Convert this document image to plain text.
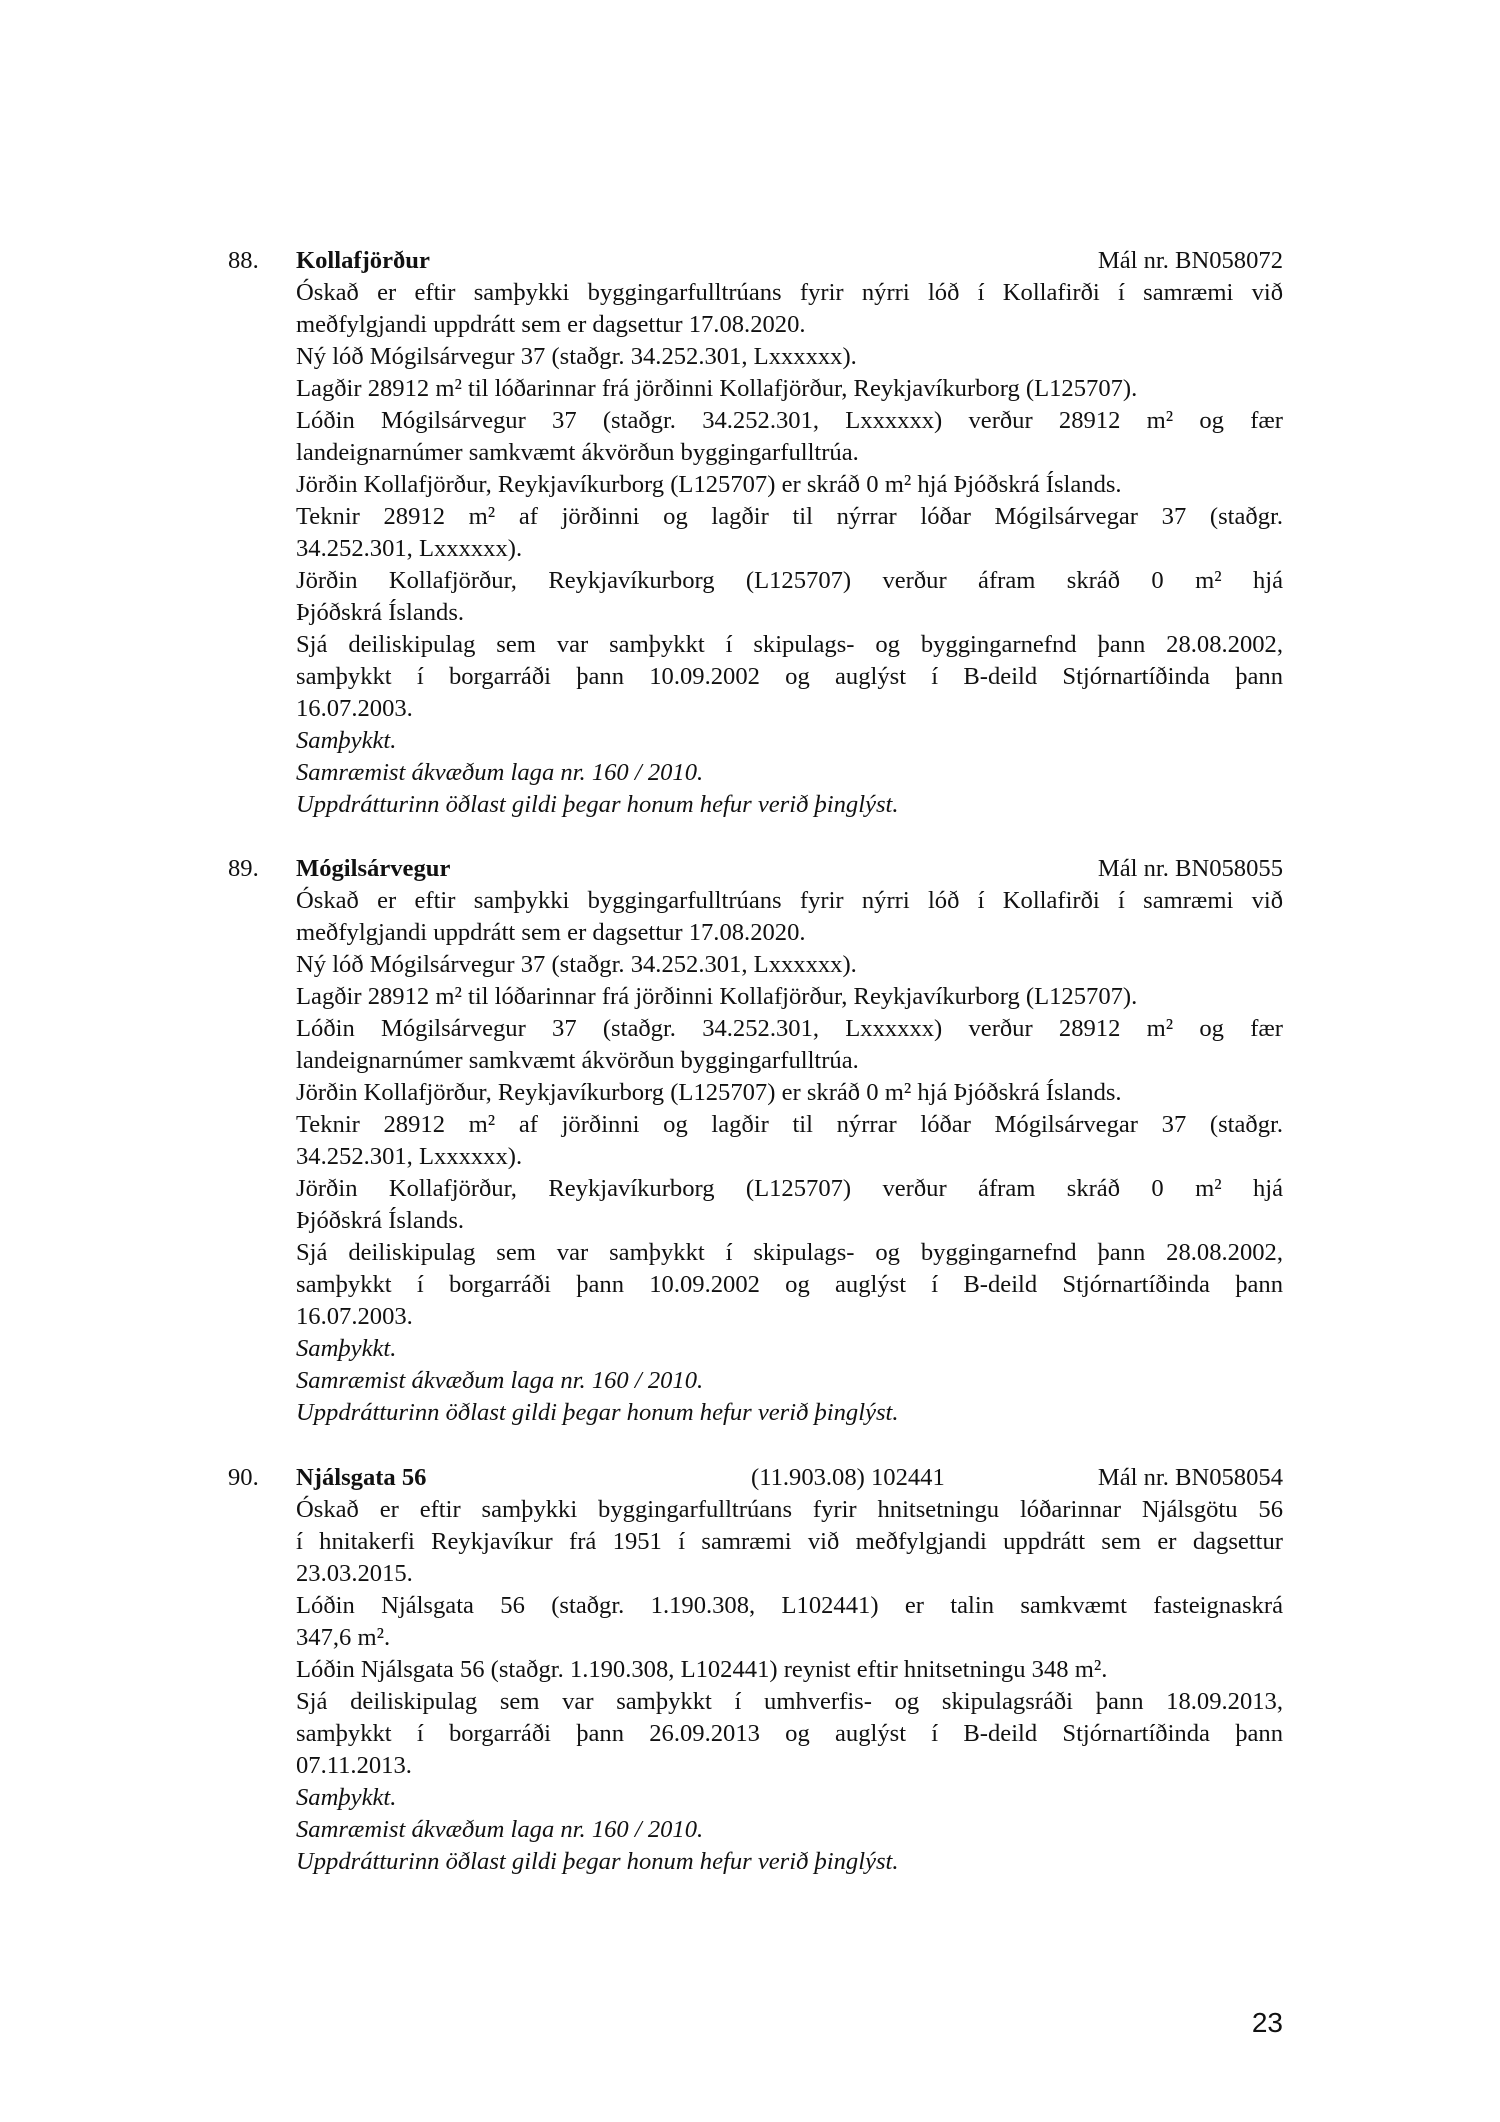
88. Kollafjörður	Mál nr. BN058072
Óskað er eftir samþykki byggingarfulltrúans fyrir nýrri lóð í Kollafirði í samræmi við
meðfylgjandi uppdrátt sem er dagsettur 17.08.2020.
Ný lóð Mógilsárvegur 37 (staðgr. 34.252.301, Lxxxxxx).
Lagðir 28912 m² til lóðarinnar frá jörðinni Kollafjörður, Reykjavíkurborg (L125707).
Lóðin Mógilsárvegur 37 (staðgr. 34.252.301, Lxxxxxx) verður 28912 m² og fær
landeignarnúmer samkvæmt ákvörðun byggingarfulltrúa.
Jörðin Kollafjörður, Reykjavíkurborg (L125707) er skráð 0 m² hjá Þjóðskrá Íslands.
Teknir 28912 m² af jörðinni og lagðir til nýrrar lóðar Mógilsárvegar 37 (staðgr.
34.252.301, Lxxxxxx).
Jörðin Kollafjörður, Reykjavíkurborg (L125707) verður áfram skráð 0 m² hjá
Þjóðskrá Íslands.
Sjá deiliskipulag sem var samþykkt í skipulags- og byggingarnefnd þann 28.08.2002,
samþykkt í borgarráði þann 10.09.2002 og auglýst í B-deild Stjórnartíðinda þann
16.07.2003.
Samþykkt.
Samræmist ákvæðum laga nr. 160 / 2010.
Uppdrátturinn öðlast gildi þegar honum hefur verið þinglýst.
89. Mógilsárvegur	Mál nr. BN058055
Óskað er eftir samþykki byggingarfulltrúans fyrir nýrri lóð í Kollafirði í samræmi við
meðfylgjandi uppdrátt sem er dagsettur 17.08.2020.
Ný lóð Mógilsárvegur 37 (staðgr. 34.252.301, Lxxxxxx).
Lagðir 28912 m² til lóðarinnar frá jörðinni Kollafjörður, Reykjavíkurborg (L125707).
Lóðin Mógilsárvegur 37 (staðgr. 34.252.301, Lxxxxxx) verður 28912 m² og fær
landeignarnúmer samkvæmt ákvörðun byggingarfulltrúa.
Jörðin Kollafjörður, Reykjavíkurborg (L125707) er skráð 0 m² hjá Þjóðskrá Íslands.
Teknir 28912 m² af jörðinni og lagðir til nýrrar lóðar Mógilsárvegar 37 (staðgr.
34.252.301, Lxxxxxx).
Jörðin Kollafjörður, Reykjavíkurborg (L125707) verður áfram skráð 0 m² hjá
Þjóðskrá Íslands.
Sjá deiliskipulag sem var samþykkt í skipulags- og byggingarnefnd þann 28.08.2002,
samþykkt í borgarráði þann 10.09.2002 og auglýst í B-deild Stjórnartíðinda þann
16.07.2003.
Samþykkt.
Samræmist ákvæðum laga nr. 160 / 2010.
Uppdrátturinn öðlast gildi þegar honum hefur verið þinglýst.
90. Njálsgata 56	(11.903.08) 102441	Mál nr. BN058054
Óskað er eftir samþykki byggingarfulltrúans fyrir hnitsetningu lóðarinnar Njálsgötu 56
í hnitakerfi Reykjavíkur frá 1951 í samræmi við meðfylgjandi uppdrátt sem er dagsettur
23.03.2015.
Lóðin Njálsgata 56 (staðgr. 1.190.308, L102441) er talin samkvæmt fasteignaskrá
347,6 m².
Lóðin Njálsgata 56 (staðgr. 1.190.308, L102441) reynist eftir hnitsetningu 348 m².
Sjá deiliskipulag sem var samþykkt í umhverfis- og skipulagsráði þann 18.09.2013,
samþykkt í borgarráði þann 26.09.2013 og auglýst í B-deild Stjórnartíðinda þann
07.11.2013.
Samþykkt.
Samræmist ákvæðum laga nr. 160 / 2010.
Uppdrátturinn öðlast gildi þegar honum hefur verið þinglýst.
23
